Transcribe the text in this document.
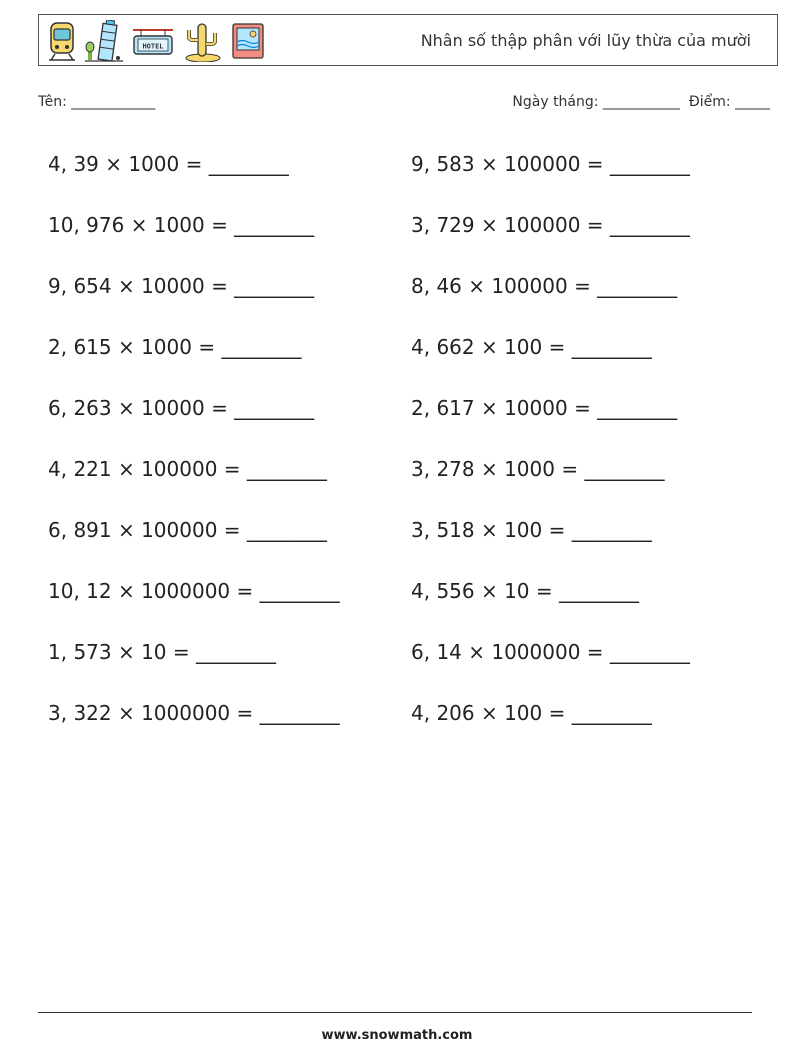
HOTEL	Nhân số thập phân với lũy thừa của mười
Tên: ____________	Ngày tháng: ___________ Điểm: _____
4, 39 × 1000 = ________
10, 976 × 1000 = ________
9, 654 × 10000 = ________
2, 615 × 1000 = ________
6, 263 × 10000 = ________
4, 221 × 100000 = ________
6, 891 × 100000 = ________
10, 12 × 1000000 = ________
1, 573 × 10 = ________
3, 322 × 1000000 = ________
9, 583 × 100000 = ________
3, 729 × 100000 = ________
8, 46 × 100000 = ________
4, 662 × 100 = ________
2, 617 × 10000 = ________
3, 278 × 1000 = ________
3, 518 × 100 = ________
4, 556 × 10 = ________
6, 14 × 1000000 = ________
4, 206 × 100 = ________
www.snowmath.com
